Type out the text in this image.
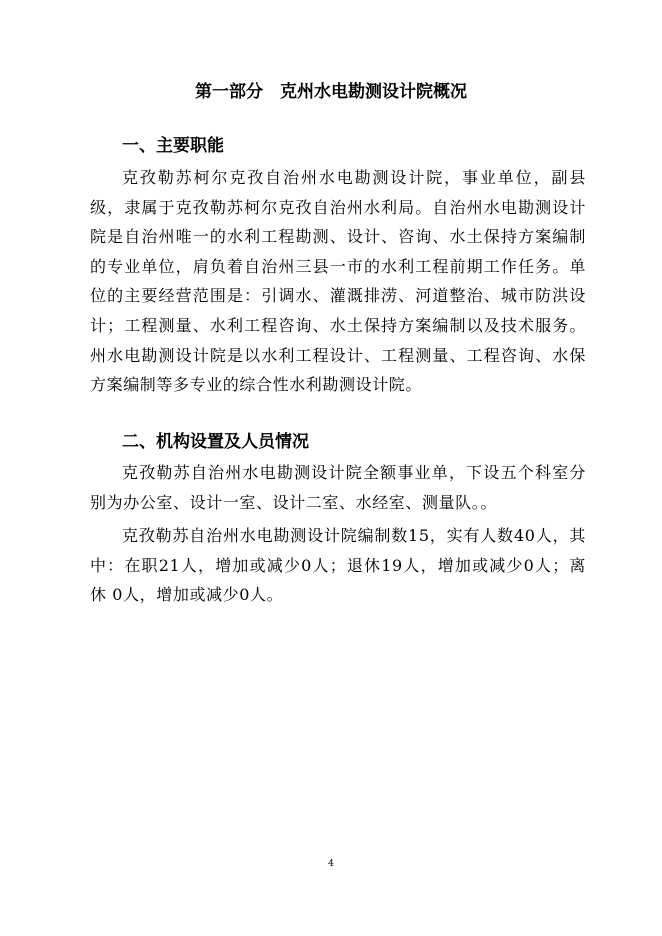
第一部分　克州水电勘测设计院概况
一、主要职能

克孜勒苏柯尔克孜自治州水电勘测设计院，事业单位，副县级，隶属于克孜勒苏柯尔克孜自治州水利局。自治州水电勘测设计院是自治州唯一的水利工程勘测、设计、咨询、水土保持方案编制的专业单位，肩负着自治州三县一市的水利工程前期工作任务。单位的主要经营范围是：引调水、灌溉排涝、河道整治、城市防洪设计；工程测量、水利工程咨询、水土保持方案编制以及技术服务。州水电勘测设计院是以水利工程设计、工程测量、工程咨询、水保方案编制等多专业的综合性水利勘测设计院。

二、机构设置及人员情况

克孜勒苏自治州水电勘测设计院全额事业单，下设五个科室分别为办公室、设计一室、设计二室、水经室、测量队。。

克孜勒苏自治州水电勘测设计院编制数15，实有人数40人，其中：在职21人，增加或减少0人；退休19人，增加或减少0人；离休 0人，增加或减少0人。

4
